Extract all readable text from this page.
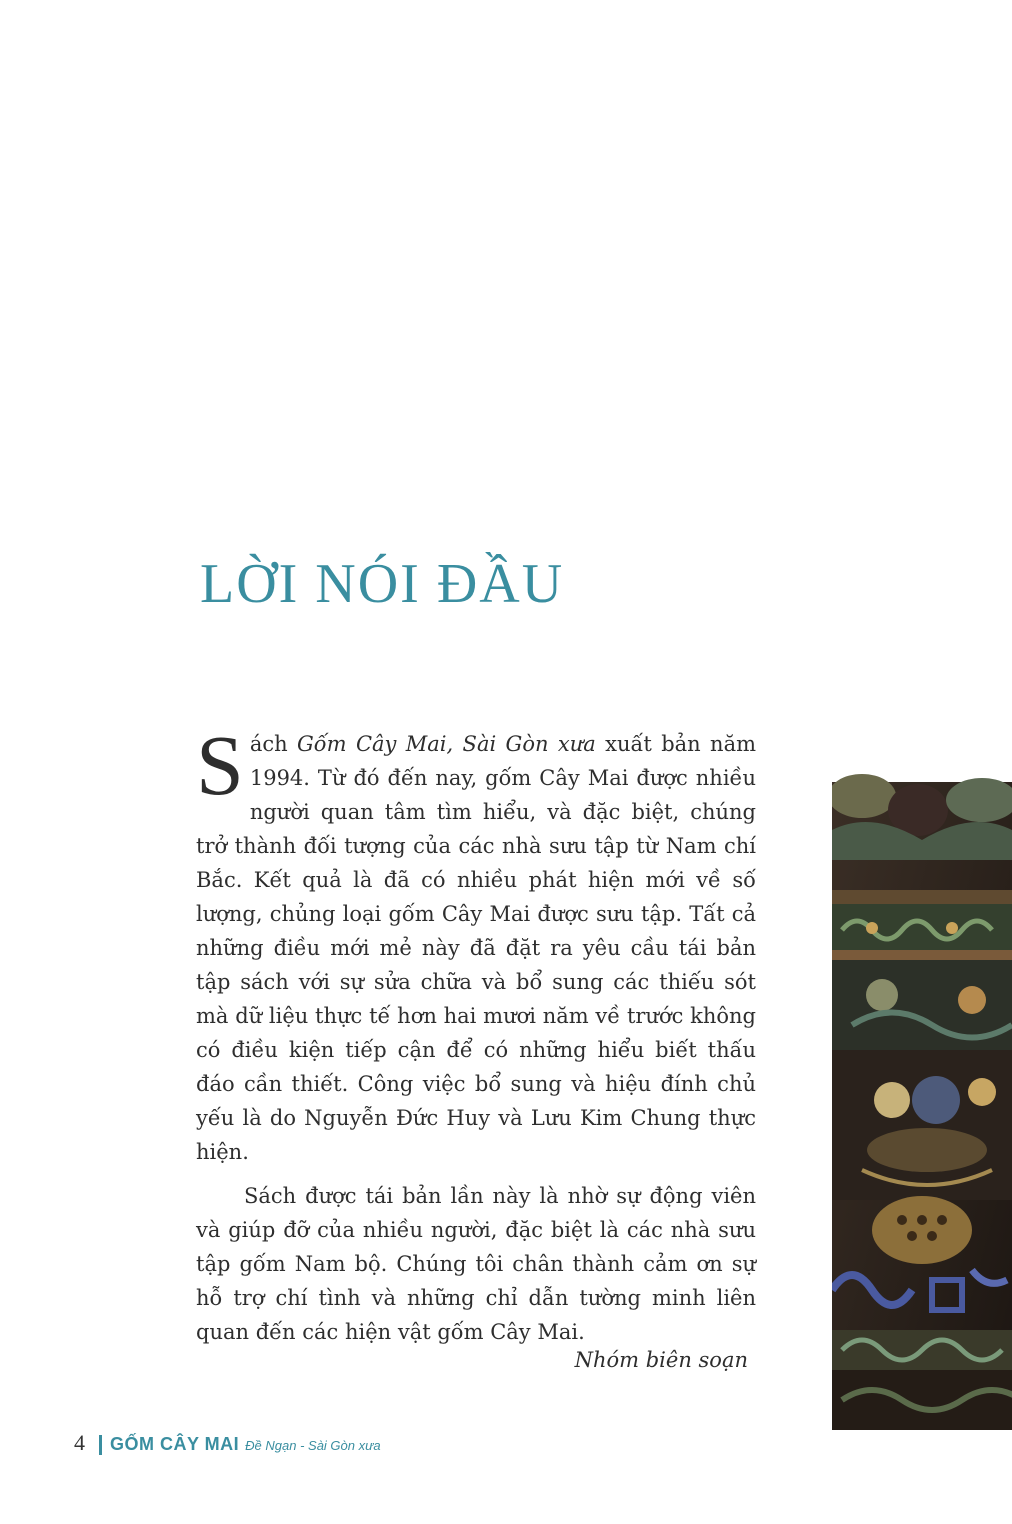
LỜI NÓI ĐẦU

Sách Gốm Cây Mai, Sài Gòn xưa xuất bản năm 1994. Từ đó đến nay, gốm Cây Mai được nhiều người quan tâm tìm hiểu, và đặc biệt, chúng trở thành đối tượng của các nhà sưu tập từ Nam chí Bắc. Kết quả là đã có nhiều phát hiện mới về số lượng, chủng loại gốm Cây Mai được sưu tập. Tất cả những điều mới mẻ này đã đặt ra yêu cầu tái bản tập sách với sự sửa chữa và bổ sung các thiếu sót mà dữ liệu thực tế hơn hai mươi năm về trước không có điều kiện tiếp cận để có những hiểu biết thấu đáo cần thiết. Công việc bổ sung và hiệu đính chủ yếu là do Nguyễn Đức Huy và Lưu Kim Chung thực hiện.

Sách được tái bản lần này là nhờ sự động viên và giúp đỡ của nhiều người, đặc biệt là các nhà sưu tập gốm Nam bộ. Chúng tôi chân thành cảm ơn sự hỗ trợ chí tình và những chỉ dẫn tường minh liên quan đến các hiện vật gốm Cây Mai.

Nhóm biên soạn

4 GỐM CÂY MAI Đề Ngạn - Sài Gòn xưa
